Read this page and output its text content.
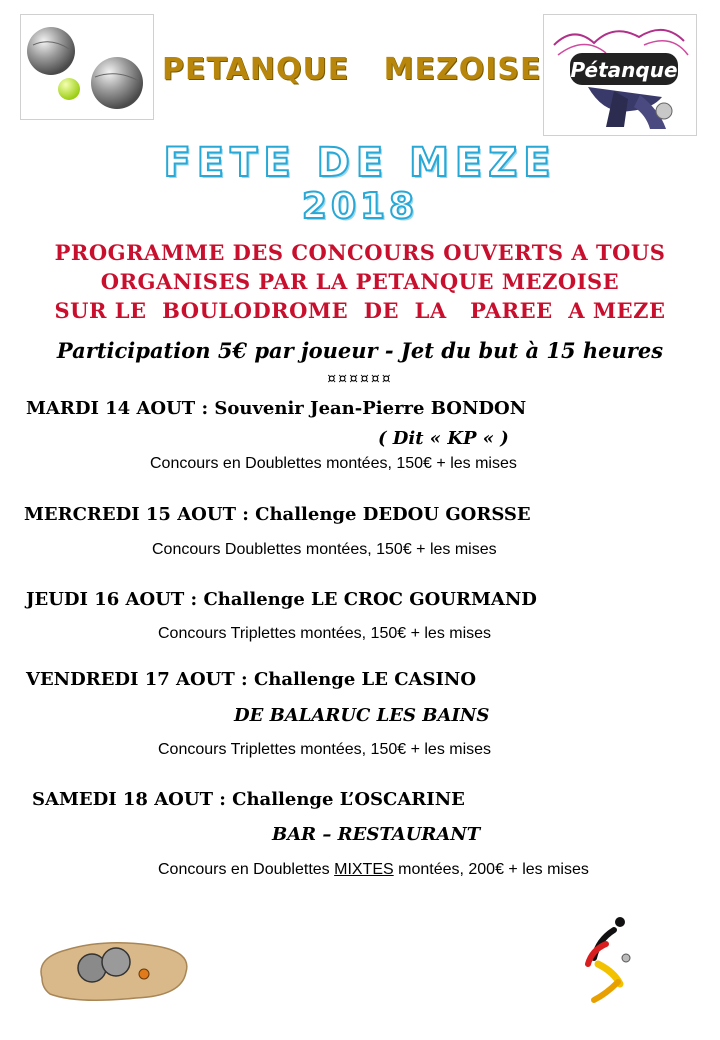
PETANQUE   MEZOISE Pétanque
FETE DE MEZE
2018
PROGRAMME DES CONCOURS OUVERTS A TOUS
ORGANISES PAR LA PETANQUE MEZOISE
SUR LE  BOULODROME  DE  LA   PAREE  A MEZE
Participation 5€ par joueur - Jet du but à 15 heures
¤¤¤¤¤¤
MARDI 14 AOUT : Souvenir Jean-Pierre BONDON
( Dit « KP « )
Concours en Doublettes montées, 150€ + les mises
MERCREDI 15 AOUT : Challenge DEDOU GORSSE
Concours Doublettes montées, 150€ + les mises
JEUDI 16 AOUT : Challenge LE CROC GOURMAND
Concours Triplettes montées, 150€ + les mises
VENDREDI 17 AOUT : Challenge LE CASINO
DE BALARUC LES BAINS
Concours Triplettes montées, 150€ + les mises
SAMEDI 18 AOUT : Challenge L’OSCARINE
BAR – RESTAURANT
Concours en Doublettes MIXTES montées, 200€ + les mises
